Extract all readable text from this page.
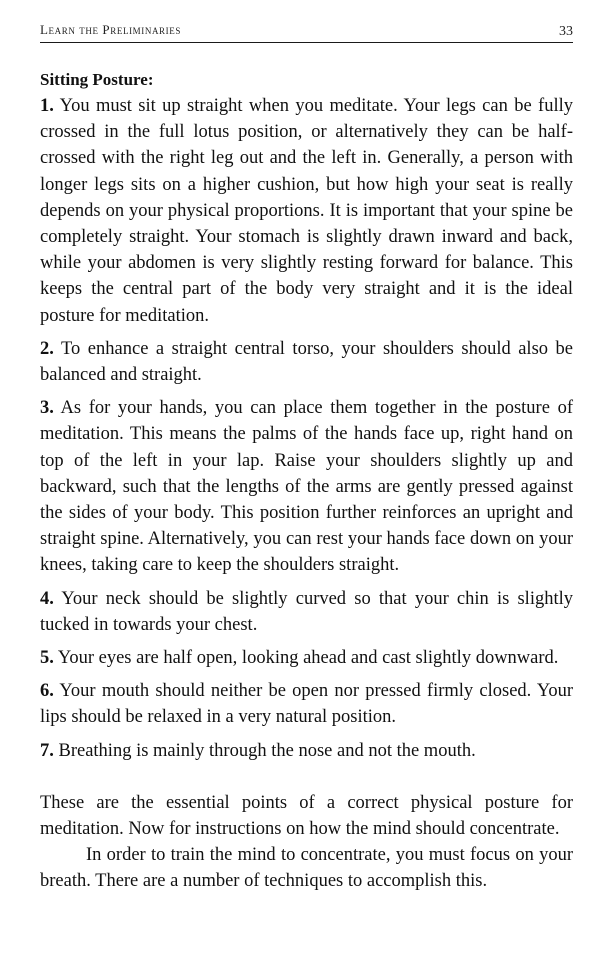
Learn the Preliminaries	33
Sitting Posture:

1. You must sit up straight when you meditate. Your legs can be fully crossed in the full lotus position, or alternatively they can be half-crossed with the right leg out and the left in. Generally, a person with longer legs sits on a higher cushion, but how high your seat is really depends on your physical proportions. It is important that your spine be completely straight. Your stomach is slightly drawn inward and back, while your abdomen is very slightly resting forward for balance. This keeps the central part of the body very straight and it is the ideal posture for meditation.

2. To enhance a straight central torso, your shoulders should also be balanced and straight.

3. As for your hands, you can place them together in the posture of meditation. This means the palms of the hands face up, right hand on top of the left in your lap. Raise your shoulders slightly up and backward, such that the lengths of the arms are gently pressed against the sides of your body. This position further reinforces an upright and straight spine. Alternatively, you can rest your hands face down on your knees, taking care to keep the shoulders straight.

4. Your neck should be slightly curved so that your chin is slightly tucked in towards your chest.

5. Your eyes are half open, looking ahead and cast slightly downward.

6. Your mouth should neither be open nor pressed firmly closed. Your lips should be relaxed in a very natural position.

7. Breathing is mainly through the nose and not the mouth.

These are the essential points of a correct physical posture for meditation. Now for instructions on how the mind should concentrate.

In order to train the mind to concentrate, you must focus on your breath. There are a number of techniques to accomplish this.
